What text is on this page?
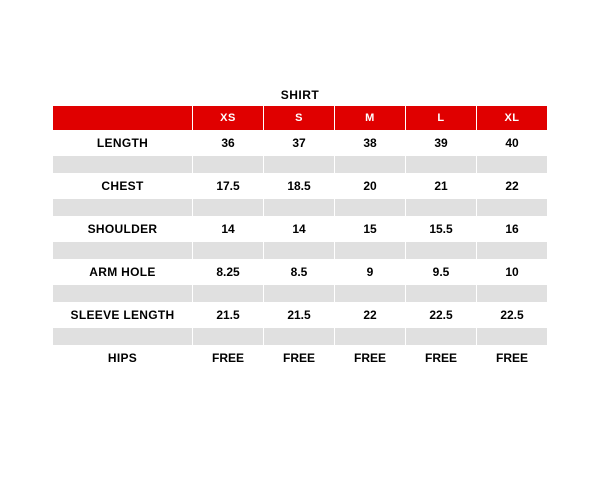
SHIRT
	XS	S	M	L	XL
LENGTH	36	37	38	39	40

CHEST	17.5	18.5	20	21	22

SHOULDER	14	14	15	15.5	16

ARM HOLE	8.25	8.5	9	9.5	10

SLEEVE LENGTH	21.5	21.5	22	22.5	22.5

HIPS	FREE	FREE	FREE	FREE	FREE
